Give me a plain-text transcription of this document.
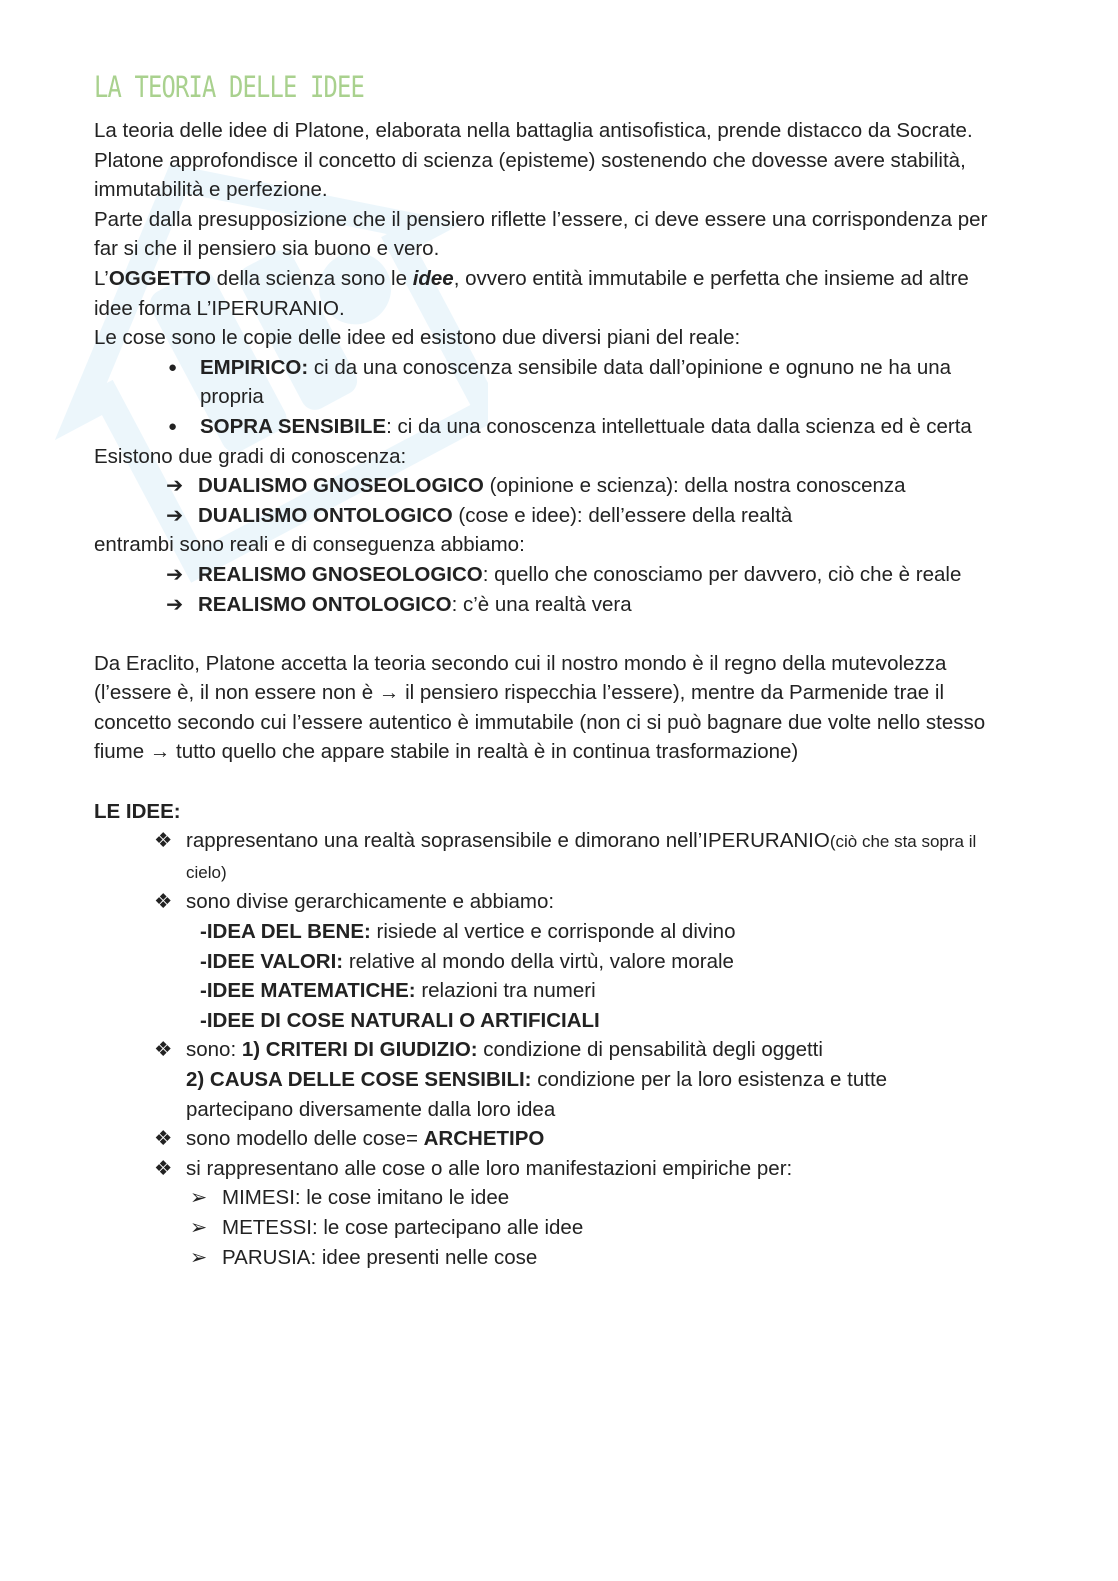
LA TEORIA DELLE IDEE

La teoria delle idee di Platone, elaborata nella battaglia antisofistica, prende distacco da Socrate.

Platone approfondisce il concetto di scienza (episteme) sostenendo che dovesse avere stabilità, immutabilità e perfezione.

Parte dalla presupposizione che il pensiero riflette l’essere, ci deve essere una corrispondenza per far si che il pensiero sia buono e vero.

L’OGGETTO della scienza sono le idee, ovvero entità immutabile e perfetta che insieme ad altre idee forma L’IPERURANIO.

Le cose sono le copie delle idee ed esistono due diversi piani del reale:

●	EMPIRICO: ci da una conoscenza sensibile data dall’opinione e ognuno ne ha una propria
●	SOPRA SENSIBILE: ci da una conoscenza intellettuale data dalla scienza ed è certa

Esistono due gradi di conoscenza:

➔ DUALISMO GNOSEOLOGICO (opinione e scienza): della nostra conoscenza
➔ DUALISMO ONTOLOGICO (cose e idee): dell’essere della realtà

entrambi sono reali e di conseguenza abbiamo:

➔ REALISMO GNOSEOLOGICO: quello che conosciamo per davvero, ciò che è reale
➔ REALISMO ONTOLOGICO: c’è una realtà vera

Da Eraclito, Platone accetta la teoria secondo cui il nostro mondo è il regno della mutevolezza (l’essere è, il non essere non è → il pensiero rispecchia l’essere), mentre da Parmenide trae il concetto secondo cui l’essere autentico è immutabile (non ci si può bagnare due volte nello stesso fiume → tutto quello che appare stabile in realtà è in continua trasformazione)

LE IDEE:

❖ rappresentano una realtà soprasensibile e dimorano nell’IPERURANIO(ciò che sta sopra il cielo)
❖ sono divise gerarchicamente e abbiamo:
-IDEA DEL BENE: risiede al vertice e corrisponde al divino
-IDEE VALORI: relative al mondo della virtù, valore morale
-IDEE MATEMATICHE: relazioni tra numeri
-IDEE DI COSE NATURALI O ARTIFICIALI
❖ sono: 1) CRITERI DI GIUDIZIO: condizione di pensabilità degli oggetti
2) CAUSA DELLE COSE SENSIBILI: condizione per la loro esistenza e tutte partecipano diversamente dalla loro idea
❖ sono modello delle cose= ARCHETIPO
❖ si rappresentano alle cose o alle loro manifestazioni empiriche per:
➢ MIMESI: le cose imitano le idee
➢ METESSI: le cose partecipano alle idee
➢ PARUSIA: idee presenti nelle cose
